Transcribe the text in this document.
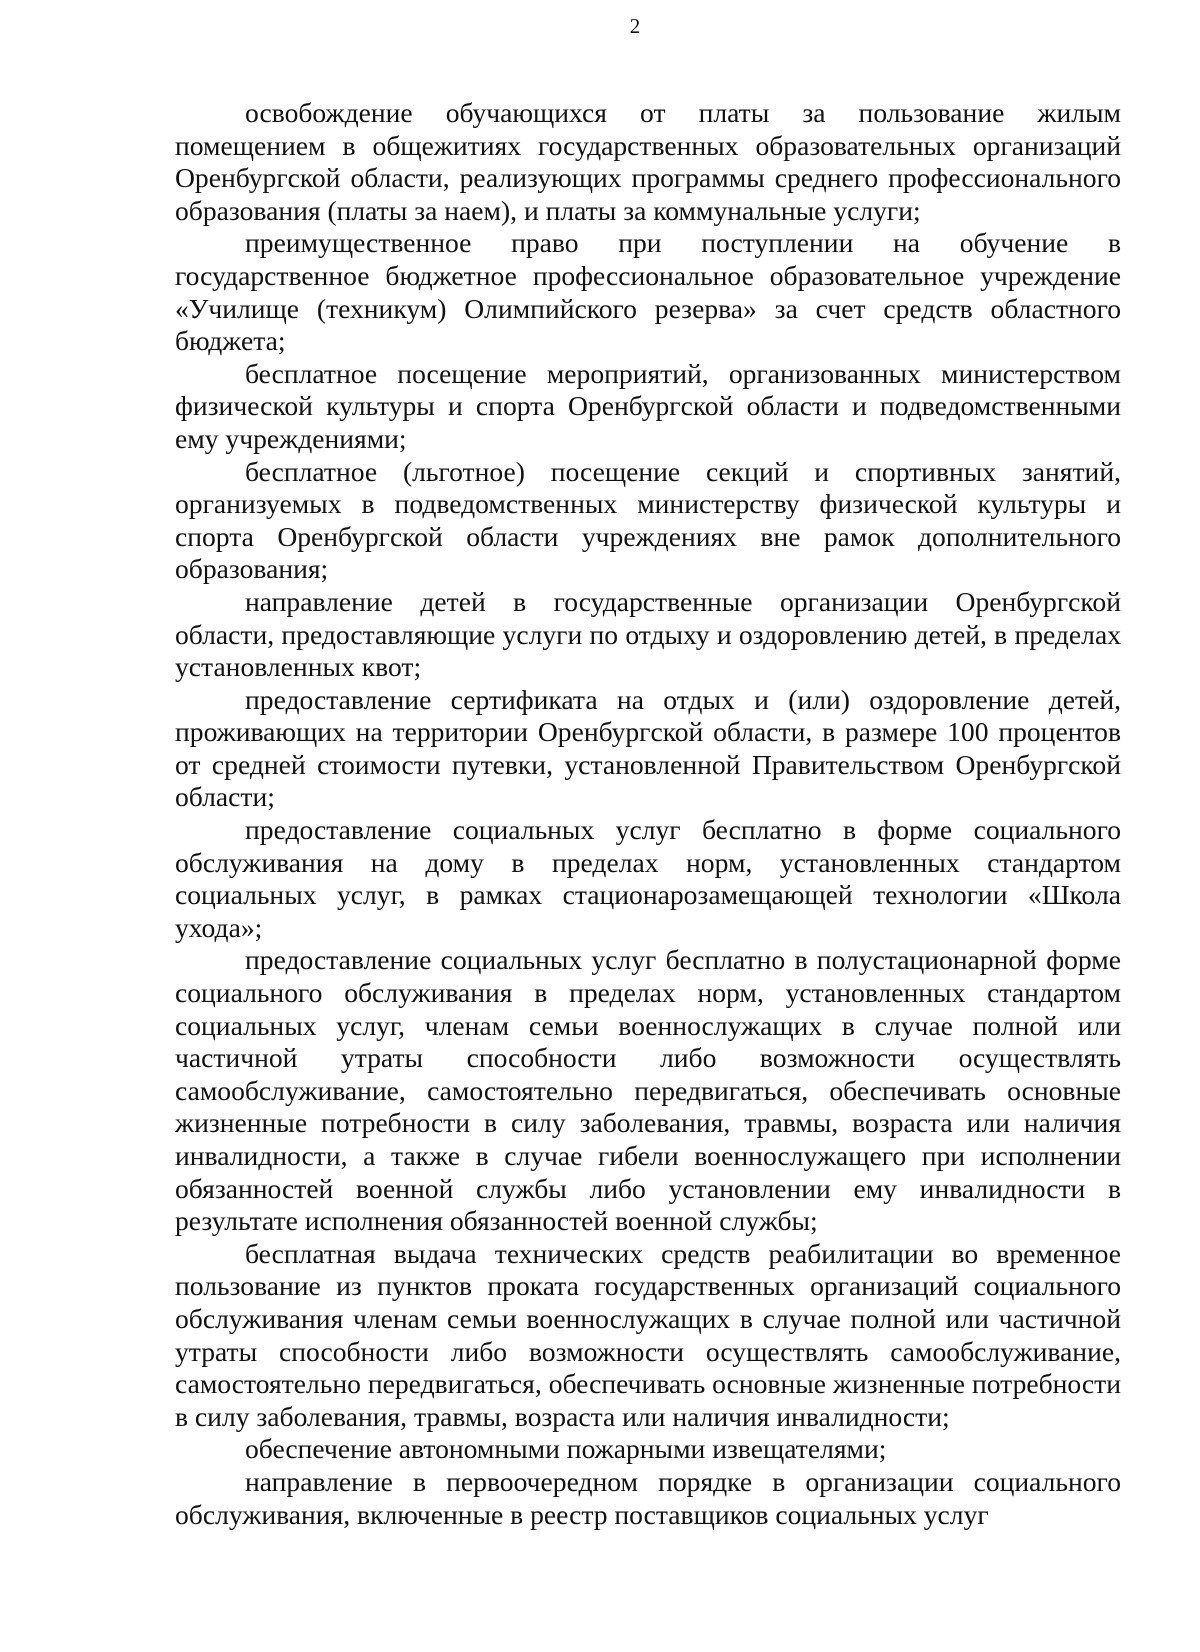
2

освобождение обучающихся от платы за пользование жилым помещением в общежитиях государственных образовательных организаций Оренбургской области, реализующих программы среднего профессионального образования (платы за наем), и платы за коммунальные услуги;

преимущественное право при поступлении на обучение в государственное бюджетное профессиональное образовательное учреждение «Училище (техникум) Олимпийского резерва» за счет средств областного бюджета;

бесплатное посещение мероприятий, организованных министерством физической культуры и спорта Оренбургской области и подведомственными ему учреждениями;

бесплатное (льготное) посещение секций и спортивных занятий, организуемых в подведомственных министерству физической культуры и спорта Оренбургской области учреждениях вне рамок дополнительного образования;

направление детей в государственные организации Оренбургской области, предоставляющие услуги по отдыху и оздоровлению детей, в пределах установленных квот;

предоставление сертификата на отдых и (или) оздоровление детей, проживающих на территории Оренбургской области, в размере 100 процентов от средней стоимости путевки, установленной Правительством Оренбургской области;

предоставление социальных услуг бесплатно в форме социального обслуживания на дому в пределах норм, установленных стандартом социальных услуг, в рамках стационарозамещающей технологии «Школа ухода»;

предоставление социальных услуг бесплатно в полустационарной форме социального обслуживания в пределах норм, установленных стандартом социальных услуг, членам семьи военнослужащих в случае полной или частичной утраты способности либо возможности осуществлять самообслуживание, самостоятельно передвигаться, обеспечивать основные жизненные потребности в силу заболевания, травмы, возраста или наличия инвалидности, а также в случае гибели военнослужащего при исполнении обязанностей военной службы либо установлении ему инвалидности в результате исполнения обязанностей военной службы;

бесплатная выдача технических средств реабилитации во временное пользование из пунктов проката государственных организаций социального обслуживания членам семьи военнослужащих в случае полной или частичной утраты способности либо возможности осуществлять самообслуживание, самостоятельно передвигаться, обеспечивать основные жизненные потребности в силу заболевания, травмы, возраста или наличия инвалидности;

обеспечение автономными пожарными извещателями;

направление в первоочередном порядке в организации социального обслуживания, включенные в реестр поставщиков социальных услуг
